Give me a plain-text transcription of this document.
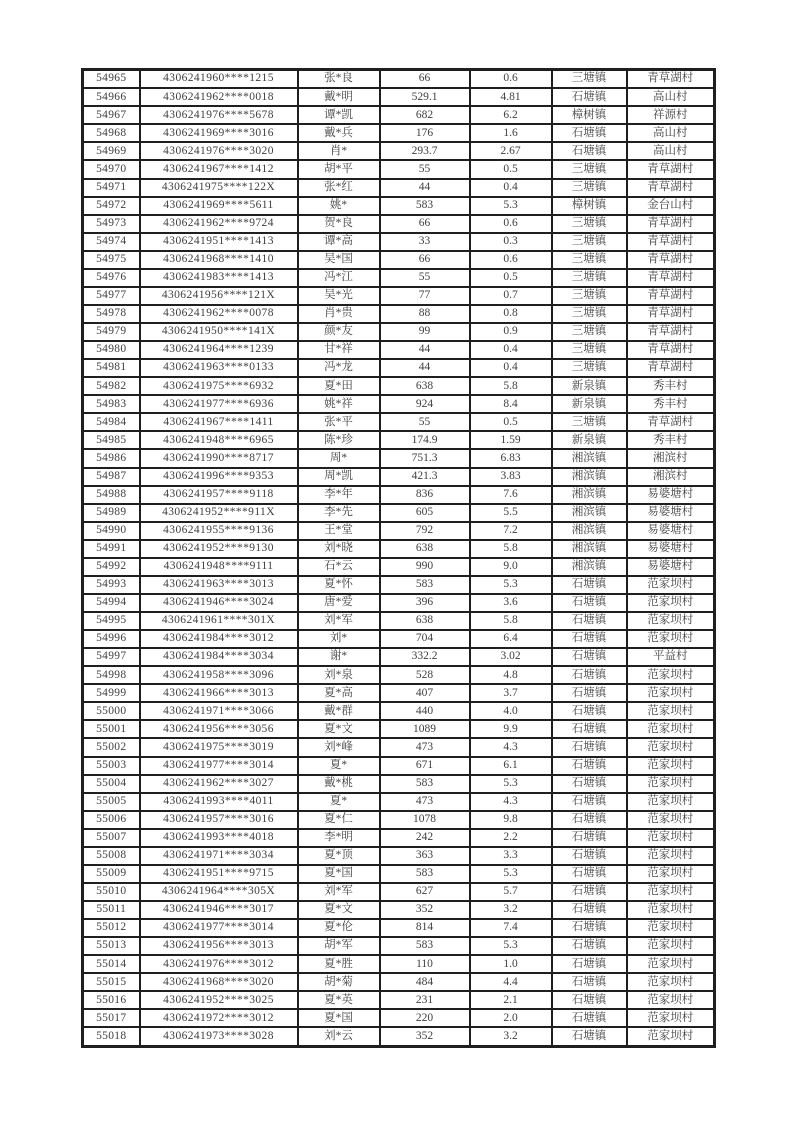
54965	4306241960****1215	张*良	66	0.6	三塘镇	青草湖村
54966	4306241962****0018	戴*明	529.1	4.81	石塘镇	高山村
54967	4306241976****5678	谭*凯	682	6.2	樟树镇	祥源村
54968	4306241969****3016	戴*兵	176	1.6	石塘镇	高山村
54969	4306241976****3020	肖*	293.7	2.67	石塘镇	高山村
54970	4306241967****1412	胡*平	55	0.5	三塘镇	青草湖村
54971	4306241975****122X	张*红	44	0.4	三塘镇	青草湖村
54972	4306241969****5611	姚*	583	5.3	樟树镇	金台山村
54973	4306241962****9724	贺*良	66	0.6	三塘镇	青草湖村
54974	4306241951****1413	谭*高	33	0.3	三塘镇	青草湖村
54975	4306241968****1410	吴*国	66	0.6	三塘镇	青草湖村
54976	4306241983****1413	冯*江	55	0.5	三塘镇	青草湖村
54977	4306241956****121X	吴*光	77	0.7	三塘镇	青草湖村
54978	4306241962****0078	肖*贵	88	0.8	三塘镇	青草湖村
54979	4306241950****141X	颜*友	99	0.9	三塘镇	青草湖村
54980	4306241964****1239	甘*祥	44	0.4	三塘镇	青草湖村
54981	4306241963****0133	冯*龙	44	0.4	三塘镇	青草湖村
54982	4306241975****6932	夏*田	638	5.8	新泉镇	秀丰村
54983	4306241977****6936	姚*祥	924	8.4	新泉镇	秀丰村
54984	4306241967****1411	张*平	55	0.5	三塘镇	青草湖村
54985	4306241948****6965	陈*珍	174.9	1.59	新泉镇	秀丰村
54986	4306241990****8717	周*	751.3	6.83	湘滨镇	湘滨村
54987	4306241996****9353	周*凯	421.3	3.83	湘滨镇	湘滨村
54988	4306241957****9118	李*年	836	7.6	湘滨镇	易婆塘村
54989	4306241952****911X	李*先	605	5.5	湘滨镇	易婆塘村
54990	4306241955****9136	王*堂	792	7.2	湘滨镇	易婆塘村
54991	4306241952****9130	刘*晓	638	5.8	湘滨镇	易婆塘村
54992	4306241948****9111	石*云	990	9.0	湘滨镇	易婆塘村
54993	4306241963****3013	夏*怀	583	5.3	石塘镇	范家坝村
54994	4306241946****3024	唐*爱	396	3.6	石塘镇	范家坝村
54995	4306241961****301X	刘*军	638	5.8	石塘镇	范家坝村
54996	4306241984****3012	刘*	704	6.4	石塘镇	范家坝村
54997	4306241984****3034	谢*	332.2	3.02	石塘镇	平益村
54998	4306241958****3096	刘*泉	528	4.8	石塘镇	范家坝村
54999	4306241966****3013	夏*高	407	3.7	石塘镇	范家坝村
55000	4306241971****3066	戴*群	440	4.0	石塘镇	范家坝村
55001	4306241956****3056	夏*文	1089	9.9	石塘镇	范家坝村
55002	4306241975****3019	刘*峰	473	4.3	石塘镇	范家坝村
55003	4306241977****3014	夏*	671	6.1	石塘镇	范家坝村
55004	4306241962****3027	戴*桃	583	5.3	石塘镇	范家坝村
55005	4306241993****4011	夏*	473	4.3	石塘镇	范家坝村
55006	4306241957****3016	夏*仁	1078	9.8	石塘镇	范家坝村
55007	4306241993****4018	李*明	242	2.2	石塘镇	范家坝村
55008	4306241971****3034	夏*顶	363	3.3	石塘镇	范家坝村
55009	4306241951****9715	夏*国	583	5.3	石塘镇	范家坝村
55010	4306241964****305X	刘*军	627	5.7	石塘镇	范家坝村
55011	4306241946****3017	夏*文	352	3.2	石塘镇	范家坝村
55012	4306241977****3014	夏*伦	814	7.4	石塘镇	范家坝村
55013	4306241956****3013	胡*军	583	5.3	石塘镇	范家坝村
55014	4306241976****3012	夏*胜	110	1.0	石塘镇	范家坝村
55015	4306241968****3020	胡*菊	484	4.4	石塘镇	范家坝村
55016	4306241952****3025	夏*英	231	2.1	石塘镇	范家坝村
55017	4306241972****3012	夏*国	220	2.0	石塘镇	范家坝村
55018	4306241973****3028	刘*云	352	3.2	石塘镇	范家坝村
